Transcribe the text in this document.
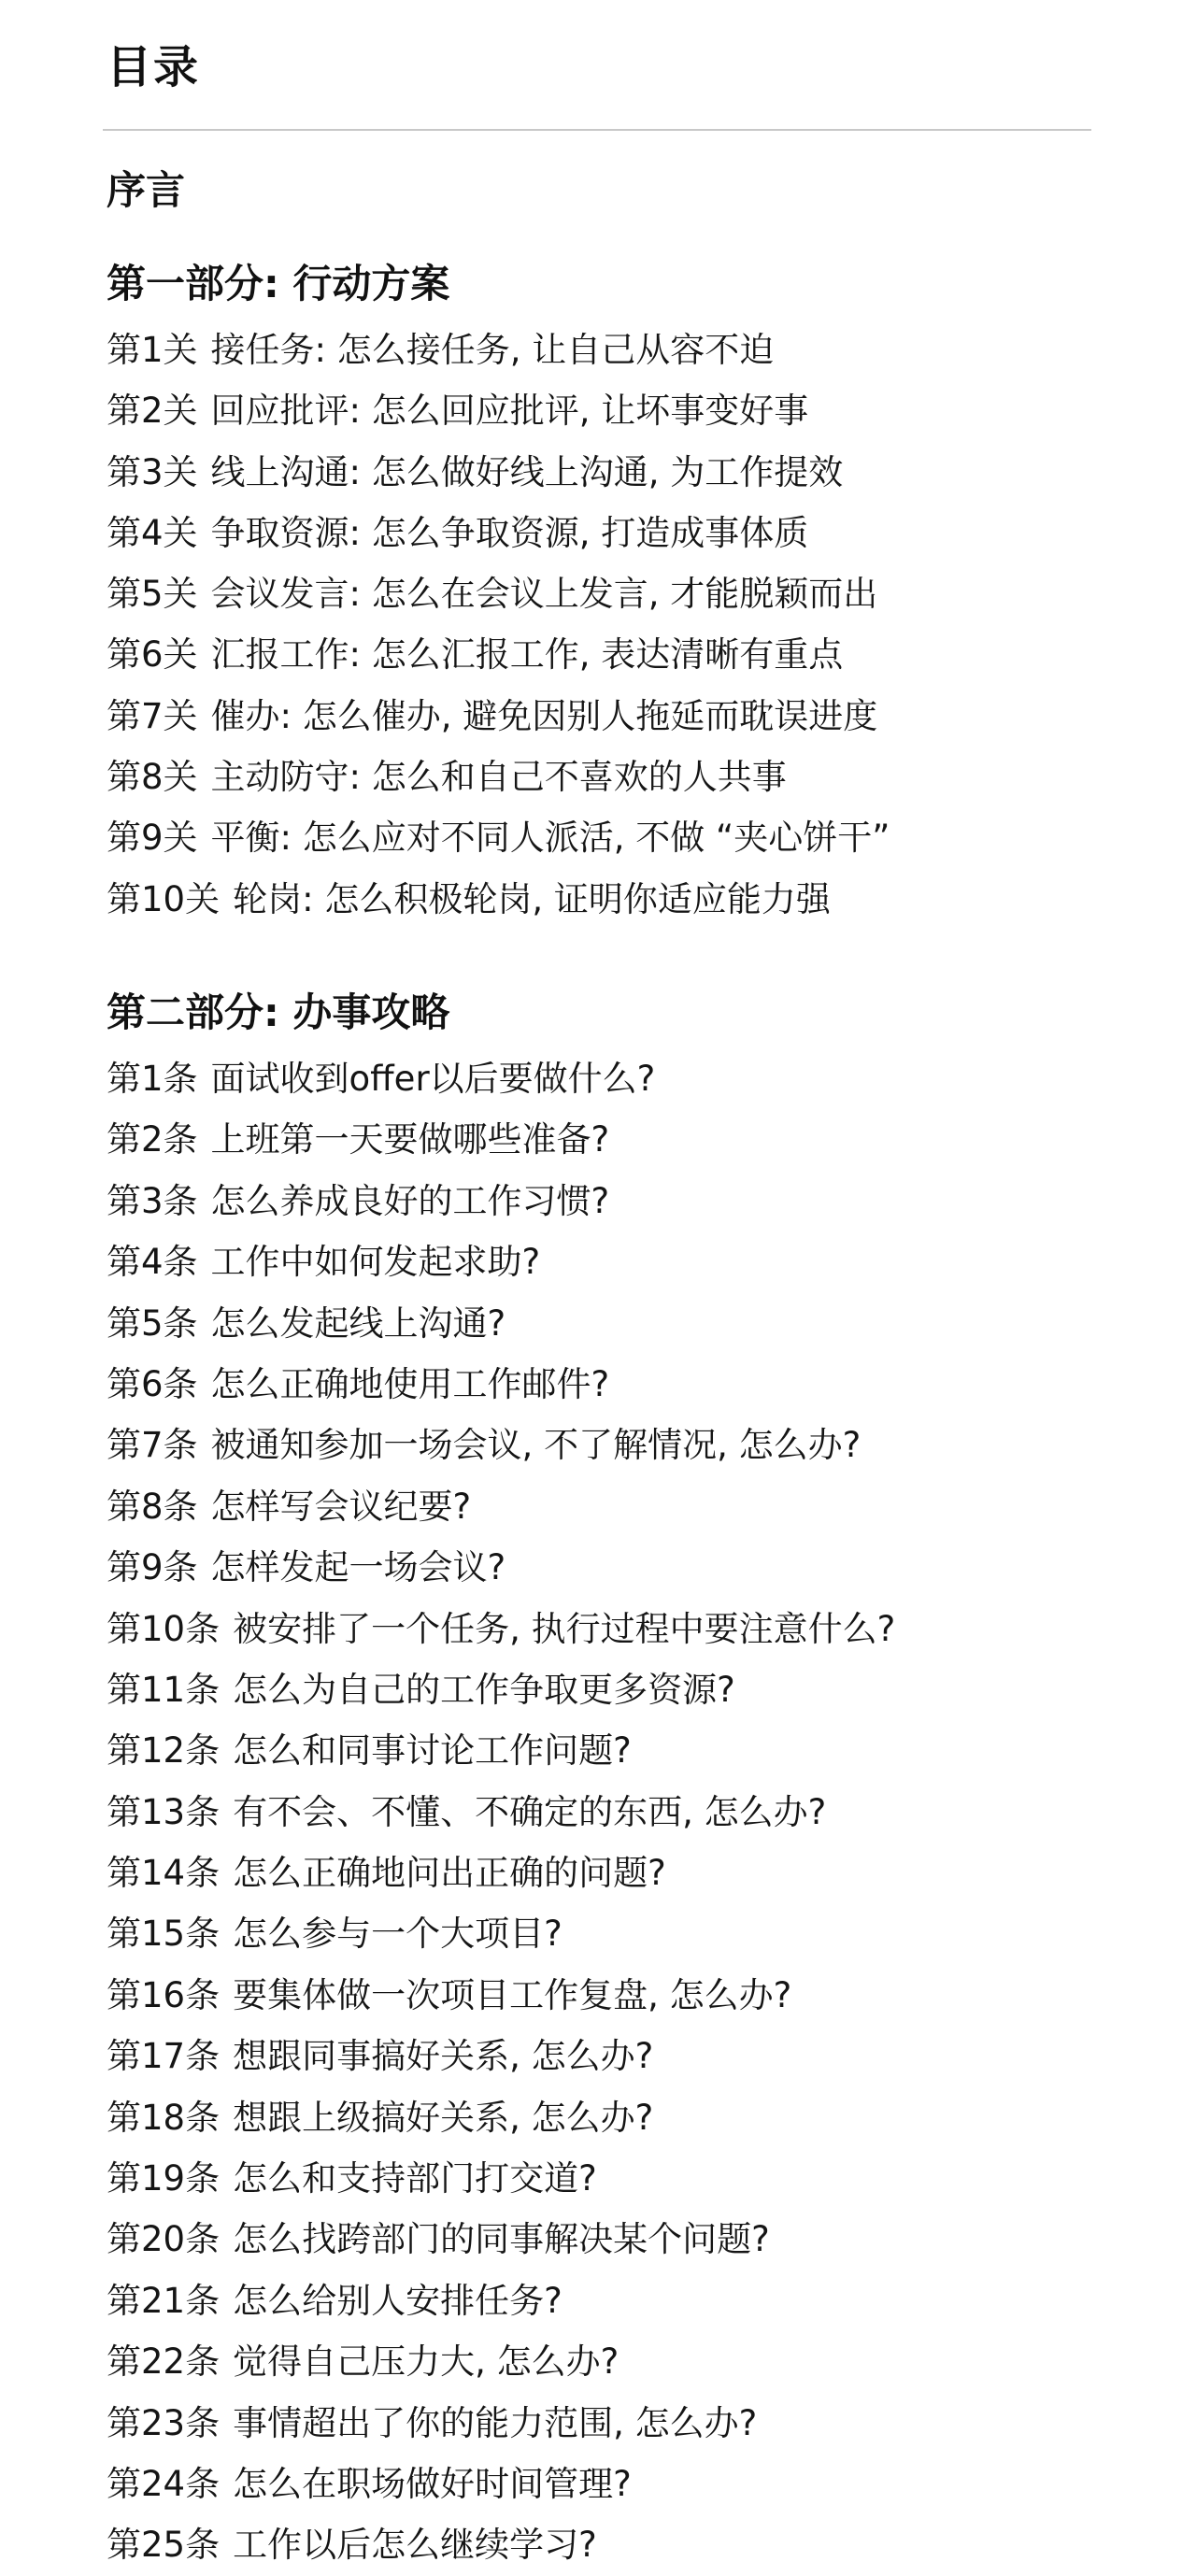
目录
序言
第一部分: 行动方案
第1关 接任务: 怎么接任务, 让自己从容不迫
第2关 回应批评: 怎么回应批评, 让坏事变好事
第3关 线上沟通: 怎么做好线上沟通, 为工作提效
第4关 争取资源: 怎么争取资源, 打造成事体质
第5关 会议发言: 怎么在会议上发言, 才能脱颖而出
第6关 汇报工作: 怎么汇报工作, 表达清晰有重点
第7关 催办: 怎么催办, 避免因别人拖延而耽误进度
第8关 主动防守: 怎么和自己不喜欢的人共事
第9关 平衡: 怎么应对不同人派活, 不做 “夹心饼干”
第10关 轮岗: 怎么积极轮岗, 证明你适应能力强
第二部分: 办事攻略
第1条 面试收到offer以后要做什么?
第2条 上班第一天要做哪些准备?
第3条 怎么养成良好的工作习惯?
第4条 工作中如何发起求助?
第5条 怎么发起线上沟通?
第6条 怎么正确地使用工作邮件?
第7条 被通知参加一场会议, 不了解情况, 怎么办?
第8条 怎样写会议纪要?
第9条 怎样发起一场会议?
第10条 被安排了一个任务, 执行过程中要注意什么?
第11条 怎么为自己的工作争取更多资源?
第12条 怎么和同事讨论工作问题?
第13条 有不会、不懂、不确定的东西, 怎么办?
第14条 怎么正确地问出正确的问题?
第15条 怎么参与一个大项目?
第16条 要集体做一次项目工作复盘, 怎么办?
第17条 想跟同事搞好关系, 怎么办?
第18条 想跟上级搞好关系, 怎么办?
第19条 怎么和支持部门打交道?
第20条 怎么找跨部门的同事解决某个问题?
第21条 怎么给别人安排任务?
第22条 觉得自己压力大, 怎么办?
第23条 事情超出了你的能力范围, 怎么办?
第24条 怎么在职场做好时间管理?
第25条 工作以后怎么继续学习?
